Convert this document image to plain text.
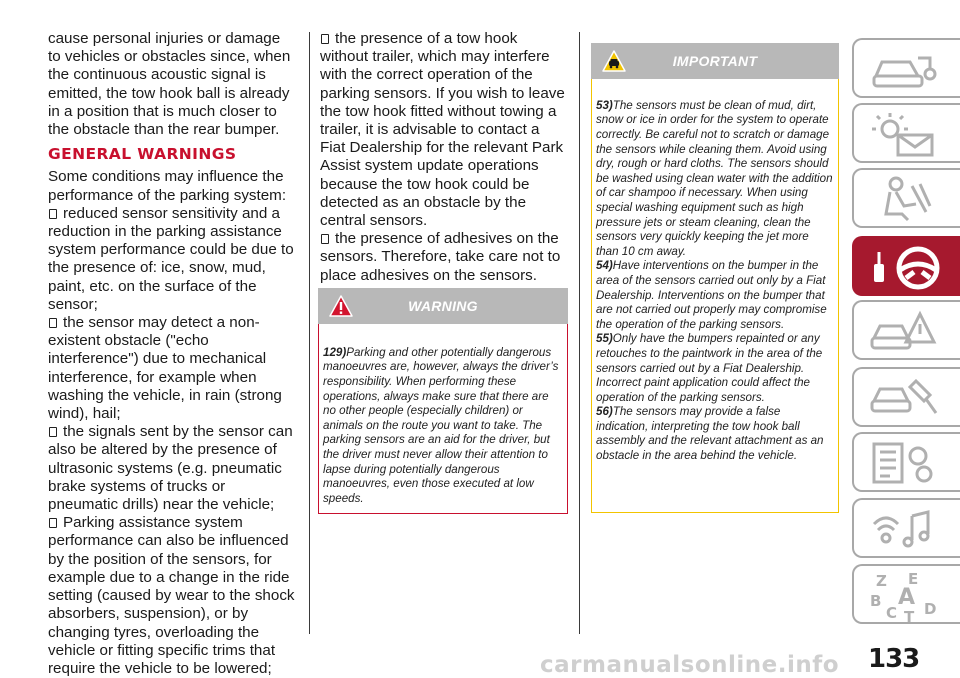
cause personal injuries or damage to vehicles or obstacles since, when the continuous acoustic signal is emitted, the tow hook ball is already in a position that is much closer to the obstacle than the rear bumper.

GENERAL WARNINGS

Some conditions may influence the performance of the parking system:

reduced sensor sensitivity and a reduction in the parking assistance system performance could be due to the presence of: ice, snow, mud, paint, etc. on the surface of the sensor;

the sensor may detect a non-existent obstacle ("echo interference") due to mechanical interference, for example when washing the vehicle, in rain (strong wind), hail;

the signals sent by the sensor can also be altered by the presence of ultrasonic systems (e.g. pneumatic brake systems of trucks or pneumatic drills) near the vehicle;

Parking assistance system performance can also be influenced by the position of the sensors, for example due to a change in the ride setting (caused by wear to the shock absorbers, suspension), or by changing tyres, overloading the vehicle or fitting specific trims that require the vehicle to be lowered;

the presence of a tow hook without trailer, which may interfere with the correct operation of the parking sensors. If you wish to leave the tow hook fitted without towing a trailer, it is advisable to contact a Fiat Dealership for the relevant Park Assist system update operations because the tow hook could be detected as an obstacle by the central sensors.

the presence of adhesives on the sensors. Therefore, take care not to place adhesives on the sensors.

WARNING

129)Parking and other potentially dangerous manoeuvres are, however, always the driver’s responsibility. When performing these operations, always make sure that there are no other people (especially children) or animals on the route you want to take. The parking sensors are an aid for the driver, but the driver must never allow their attention to lapse during potentially dangerous manoeuvres, even those executed at low speeds.

IMPORTANT

53)The sensors must be clean of mud, dirt, snow or ice in order for the system to operate correctly. Be careful not to scratch or damage the sensors while cleaning them. Avoid using dry, rough or hard cloths. The sensors should be washed using clean water with the addition of car shampoo if necessary. When using special washing equipment such as high pressure jets or steam cleaning, clean the sensors very quickly keeping the jet more than 10 cm away.

54)Have interventions on the bumper in the area of the sensors carried out only by a Fiat Dealership. Interventions on the bumper that are not carried out properly may compromise the operation of the parking sensors.

55)Only have the bumpers repainted or any retouches to the paintwork in the area of the sensors carried out by a Fiat Dealership. Incorrect paint application could affect the operation of the parking sensors.

56)The sensors may provide a false indication, interpreting the tow hook ball assembly and the relevant attachment as an obstacle in the area behind the vehicle.

Z E
B A
C D
T
carmanualsonline.info 133
